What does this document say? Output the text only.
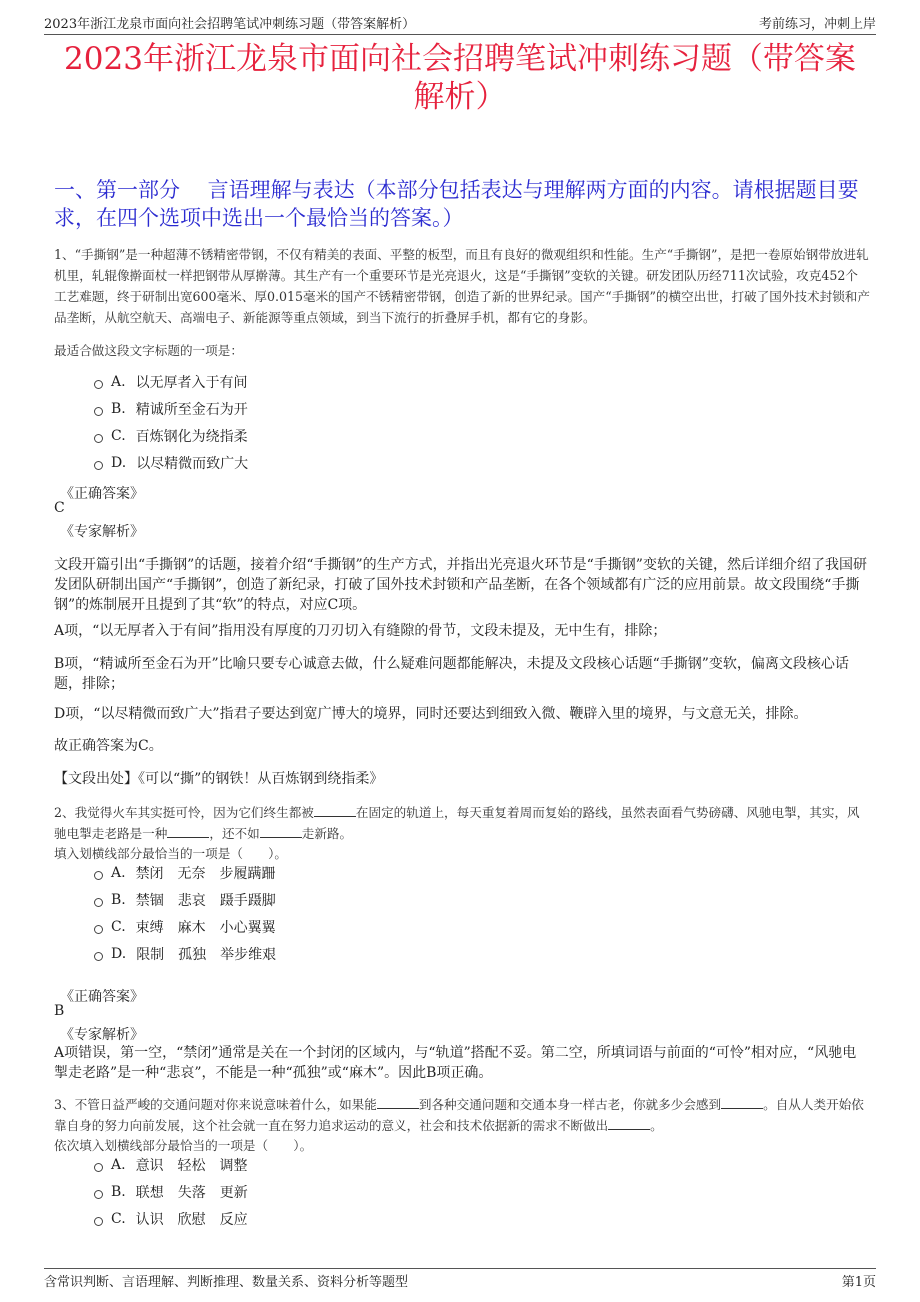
2023年浙江龙泉市面向社会招聘笔试冲刺练习题（带答案解析）	考前练习，冲刺上岸
2023年浙江龙泉市面向社会招聘笔试冲刺练习题（带答案解析）
一、第一部分　 言语理解与表达（本部分包括表达与理解两方面的内容。请根据题目要求，在四个选项中选出一个最恰当的答案。）
1、“手撕钢”是一种超薄不锈精密带钢，不仅有精美的表面、平整的板型，而且有良好的微观组织和性能。生产“手撕钢”，是把一卷原始钢带放进轧机里，轧辊像擀面杖一样把钢带从厚擀薄。其生产有一个重要环节是光亮退火，这是“手撕钢”变软的关键。研发团队历经711次试验，攻克452个工艺难题，终于研制出宽600毫米、厚0.015毫米的国产不锈精密带钢，创造了新的世界纪录。国产“手撕钢”的横空出世，打破了国外技术封锁和产品垄断，从航空航天、高端电子、新能源等重点领域，到当下流行的折叠屏手机，都有它的身影。
最适合做这段文字标题的一项是：
A. 以无厚者入于有间
B. 精诚所至金石为开
C. 百炼钢化为绕指柔
D. 以尽精微而致广大
《正确答案》
C
《专家解析》
文段开篇引出“手撕钢”的话题，接着介绍“手撕钢”的生产方式，并指出光亮退火环节是“手撕钢”变软的关键，然后详细介绍了我国研发团队研制出国产“手撕钢”，创造了新纪录，打破了国外技术封锁和产品垄断，在各个领域都有广泛的应用前景。故文段围绕“手撕钢”的炼制展开且提到了其“软”的特点，对应C项。
A项，“以无厚者入于有间”指用没有厚度的刀刃切入有缝隙的骨节，文段未提及，无中生有，排除；
B项，“精诚所至金石为开”比喻只要专心诚意去做，什么疑难问题都能解决，未提及文段核心话题“手撕钢”变软，偏离文段核心话题，排除；
D项，“以尽精微而致广大”指君子要达到宽广博大的境界，同时还要达到细致入微、鞭辟入里的境界，与文意无关，排除。
故正确答案为C。
【文段出处】《可以“撕”的钢铁！从百炼钢到绕指柔》
2、我觉得火车其实挺可怜，因为它们终生都被	在固定的轨道上，每天重复着周而复始的路线，虽然表面看气势磅礴、风驰电掣，其实，风驰电掣走老路是一种	，还不如	走新路。
填入划横线部分最恰当的一项是（　　）。
A. 禁闭　无奈　步履蹒跚
B. 禁锢　悲哀　蹑手蹑脚
C. 束缚　麻木　小心翼翼
D. 限制　孤独　举步维艰
《正确答案》
B
《专家解析》
A项错误，第一空，“禁闭”通常是关在一个封闭的区域内，与“轨道”搭配不妥。第二空，所填词语与前面的“可怜”相对应，“风驰电掣走老路”是一种“悲哀”，不能是一种“孤独”或“麻木”。因此B项正确。
3、不管日益严峻的交通问题对你来说意味着什么，如果能	到各种交通问题和交通本身一样古老，你就多少会感到	。自从人类开始依靠自身的努力向前发展，这个社会就一直在努力追求运动的意义，社会和技术依据新的需求不断做出	。
依次填入划横线部分最恰当的一项是（　　）。
A. 意识　轻松　调整
B. 联想　失落　更新
C. 认识　欣慰　反应
含常识判断、言语理解、判断推理、数量关系、资料分析等题型	第1页
